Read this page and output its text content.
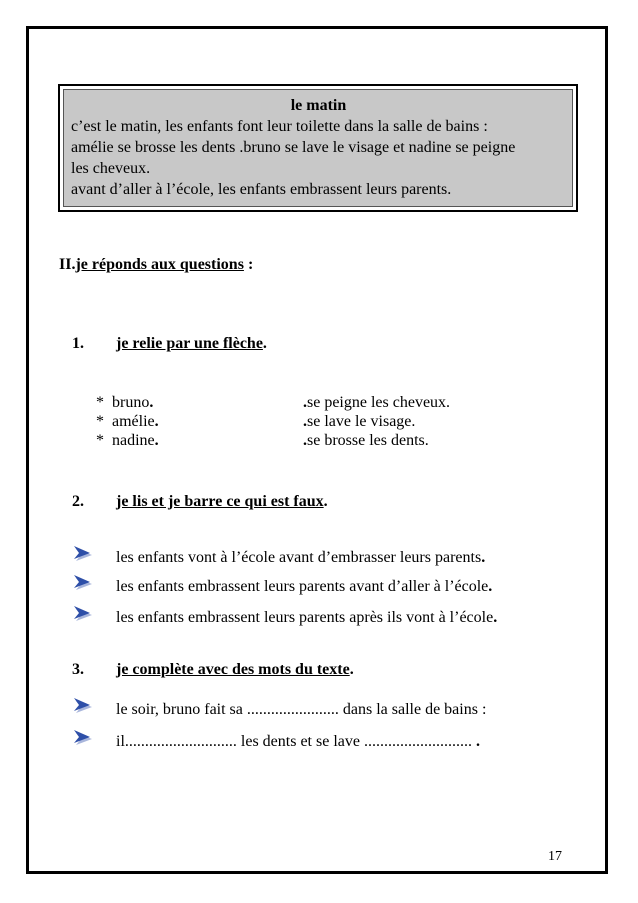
le matin
c’est le matin, les enfants font leur toilette dans la salle de bains :
amélie se brosse les dents .bruno se lave le visage et nadine se peigne
les cheveux.
avant d’aller à l’école, les enfants embrassent leurs parents.
II.je réponds aux questions :
1. je relie par une flèche.
* bruno.
* amélie.
* nadine.
.se peigne les cheveux.
.se lave le visage.
.se brosse les dents.
2. je lis et je barre ce qui est faux.
les enfants vont à l’école avant d’embrasser leurs parents.
les enfants embrassent leurs parents avant d’aller à l’école.
les enfants embrassent leurs parents après ils vont à l’école.
3. je complète avec des mots du texte.
le soir, bruno fait sa ....................... dans la salle de bains :
il............................ les dents et se lave ........................... .
17
